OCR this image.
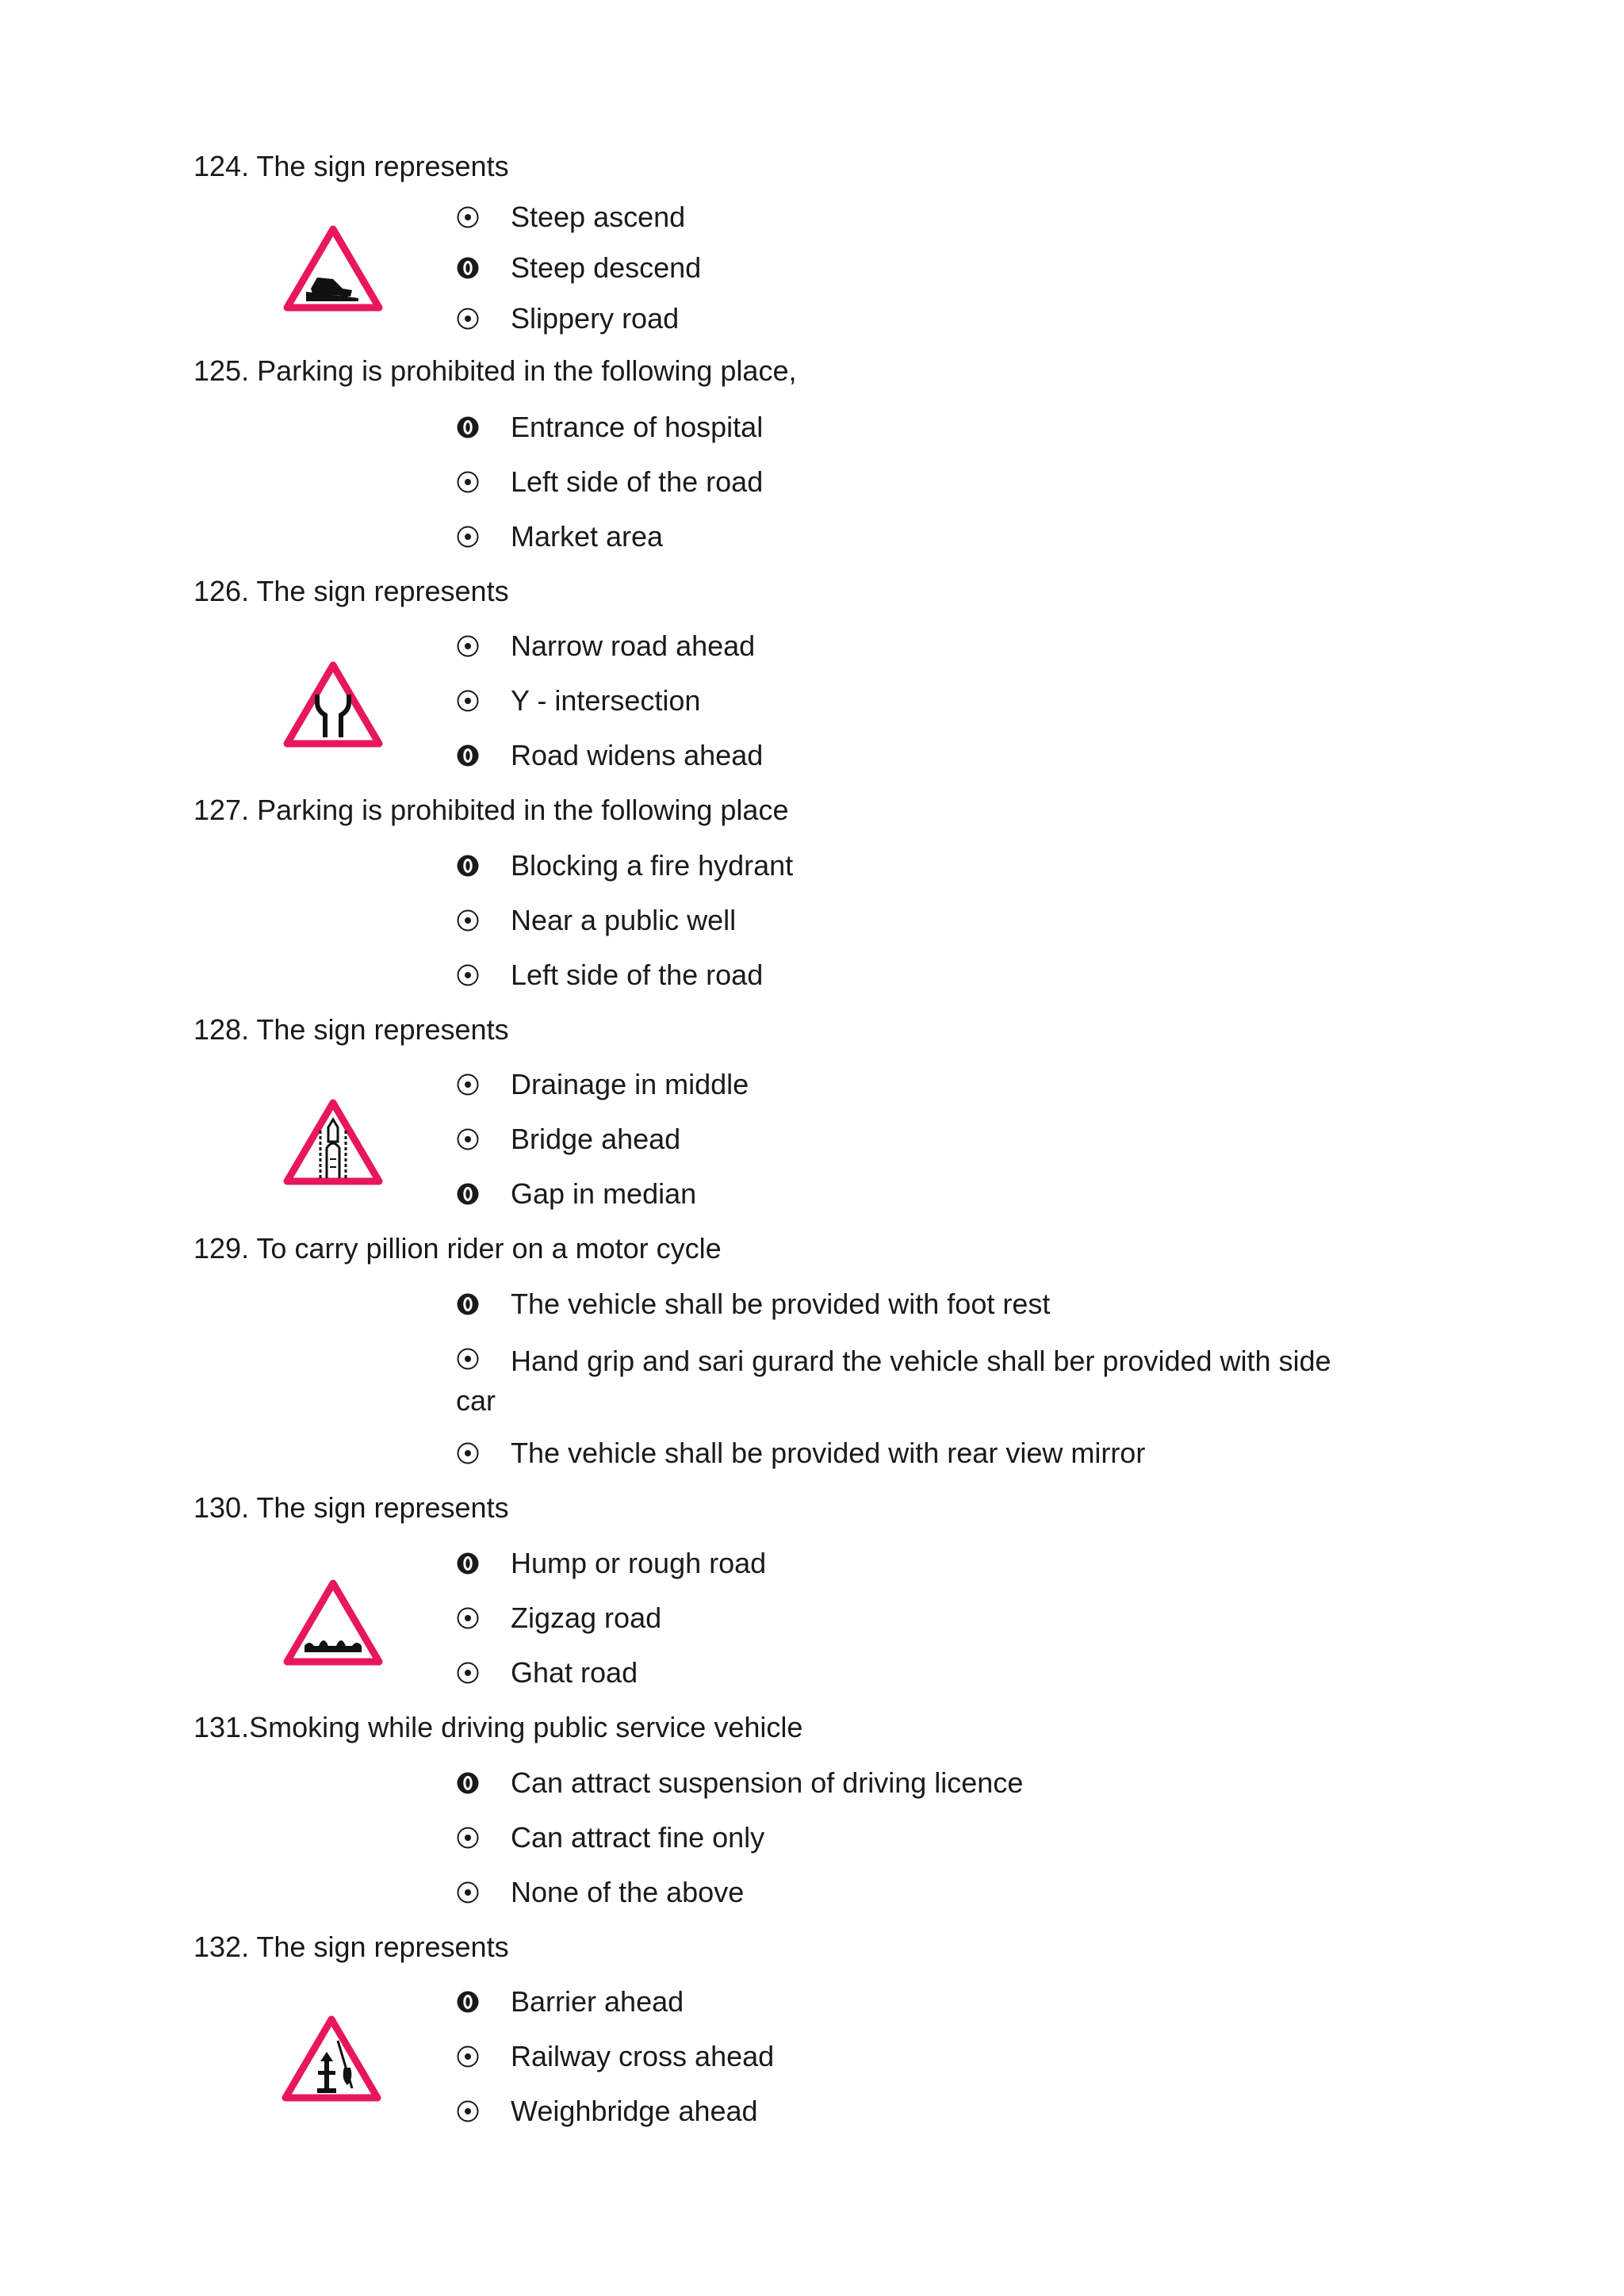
124. The sign represents
Steep ascend
Steep descend
Slippery road
125. Parking is prohibited in the following place,
Entrance of hospital
Left side of the road
Market area
126. The sign represents
Narrow road ahead
Y - intersection
Road widens ahead
127. Parking is prohibited in the following place
Blocking a fire hydrant
Near a public well
Left side of the road
128. The sign represents
Drainage in middle
Bridge ahead
Gap in median
129. To carry pillion rider on a motor cycle
The vehicle shall be provided with foot rest
Hand grip and sari gurard the vehicle shall ber provided with side car
The vehicle shall be provided with rear view mirror
130. The sign represents
Hump or rough road
Zigzag road
Ghat road
131.Smoking while driving public service vehicle
Can attract suspension of driving licence
Can attract fine only
None of the above
132. The sign represents
Barrier ahead
Railway cross ahead
Weighbridge ahead
